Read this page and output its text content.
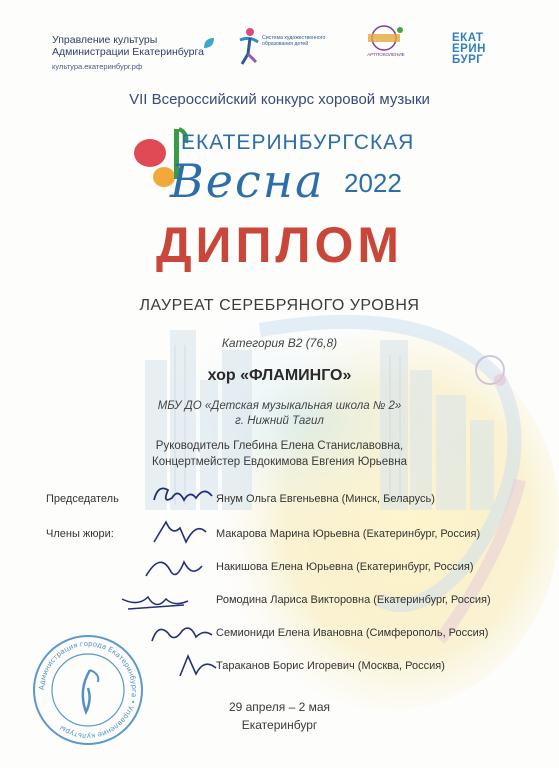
Управление культуры
Администрации Екатеринбурга
культура.екатеринбург.рф
Система художественного образования детей
АРТПОКОЛЕНИЕ
ЕКАТ
ЕРИН
БУРГ
VII Всероссийский конкурс хоровой музыки
ЕКАТЕРИНБУРГСКАЯ
Весна 2022
ДИПЛОМ
ЛАУРЕАТ СЕРЕБРЯНОГО УРОВНЯ
Категория В2 (76,8)
хор «ФЛАМИНГО»
МБУ ДО «Детская музыкальная школа № 2»
г. Нижний Тагил
Руководитель Глебина Елена Станиславовна,
Концертмейстер Евдокимова Евгения Юрьевна
Председатель
Члены жюри:
Янум Ольга Евгеньевна (Минск, Беларусь)
Макарова Марина Юрьевна (Екатеринбург, Россия)
Накишова Елена Юрьевна (Екатеринбург, Россия)
Ромодина Лариса Викторовна (Екатеринбург, Россия)
Семиониди Елена Ивановна (Симферополь, Россия)
Тараканов Борис Игоревич (Москва, Россия)
Администрация города Екатеринбурга • Управление культуры
29 апреля – 2 мая
Екатеринбург
